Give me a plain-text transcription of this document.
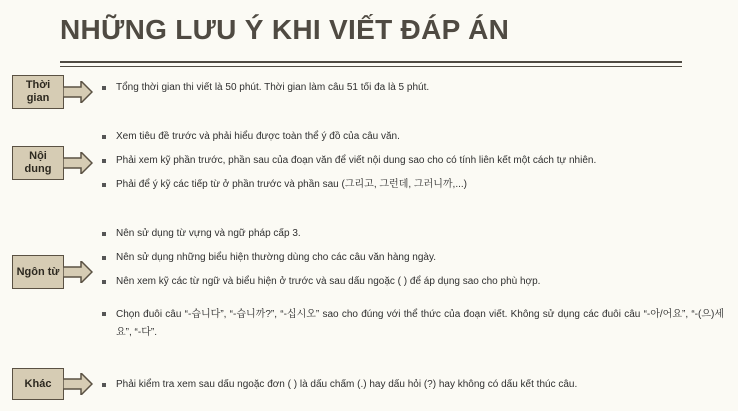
NHỮNG LƯU Ý KHI VIẾT ĐÁP ÁN
Thời gian
Tổng thời gian thi viết là 50 phút. Thời gian làm câu 51 tối đa là 5 phút.
Nội dung
Xem tiêu đề trước và phải hiểu được toàn thể ý đồ của câu văn.
Phải xem kỹ phần trước, phần sau của đoạn văn để viết nội dung sao cho có tính liên kết một cách tự nhiên.
Phải để ý kỹ các tiếp từ ở phần trước và phần sau (그리고, 그런데, 그러니까,...)
Ngôn từ
Nên sử dụng từ vựng và ngữ pháp cấp 3.
Nên sử dụng những biểu hiện thường dùng cho các câu văn hàng ngày.
Nên xem kỹ các từ ngữ và biểu hiện ở trước và sau dấu ngoặc ( ) để áp dụng sao cho phù hợp.
Chọn đuôi câu “-습니다”, “-습니까?”, “-십시오” sao cho đúng với thể thức của đoạn viết. Không sử dụng các đuôi câu “-아/어요”, “-(으)세요”, “-다”.
Khác	Phải kiểm tra xem sau dấu ngoặc đơn ( ) là dấu chấm (.) hay dấu hỏi (?) hay không có dấu kết thúc câu.
